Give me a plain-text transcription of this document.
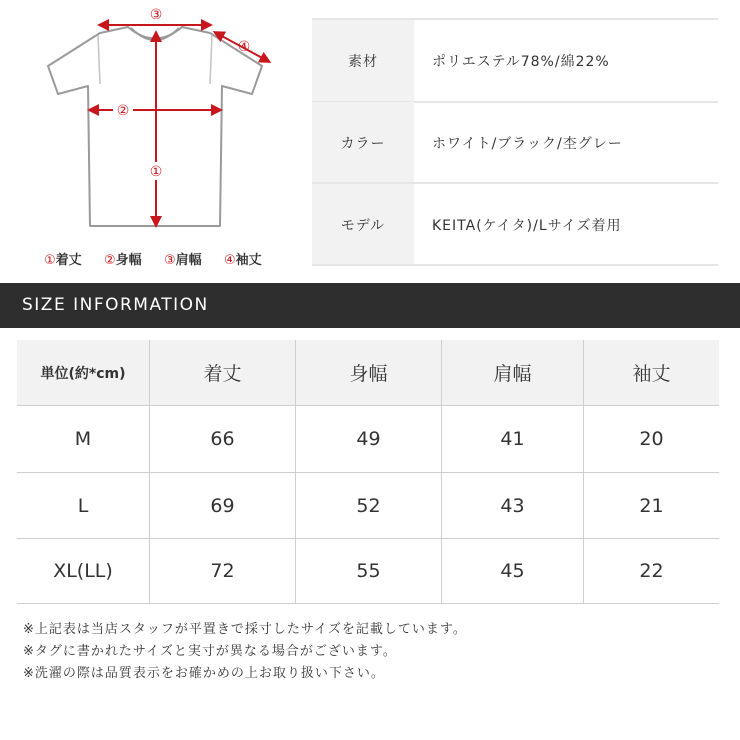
③
④
②
①
①着丈 ②身幅 ③肩幅 ④袖丈
素材	ポリエステル78%/綿22%
カラー	ホワイト/ブラック/杢グレー
モデル	KEITA(ケイタ)/Lサイズ着用
SIZE INFORMATION
単位(約*cm)	着丈	身幅	肩幅	袖丈
M	66	49	41	20
L	69	52	43	21
XL(LL)	72	55	45	22
※上記表は当店スタッフが平置きで採寸したサイズを記載しています。
※タグに書かれたサイズと実寸が異なる場合がございます。
※洗濯の際は品質表示をお確かめの上お取り扱い下さい。
